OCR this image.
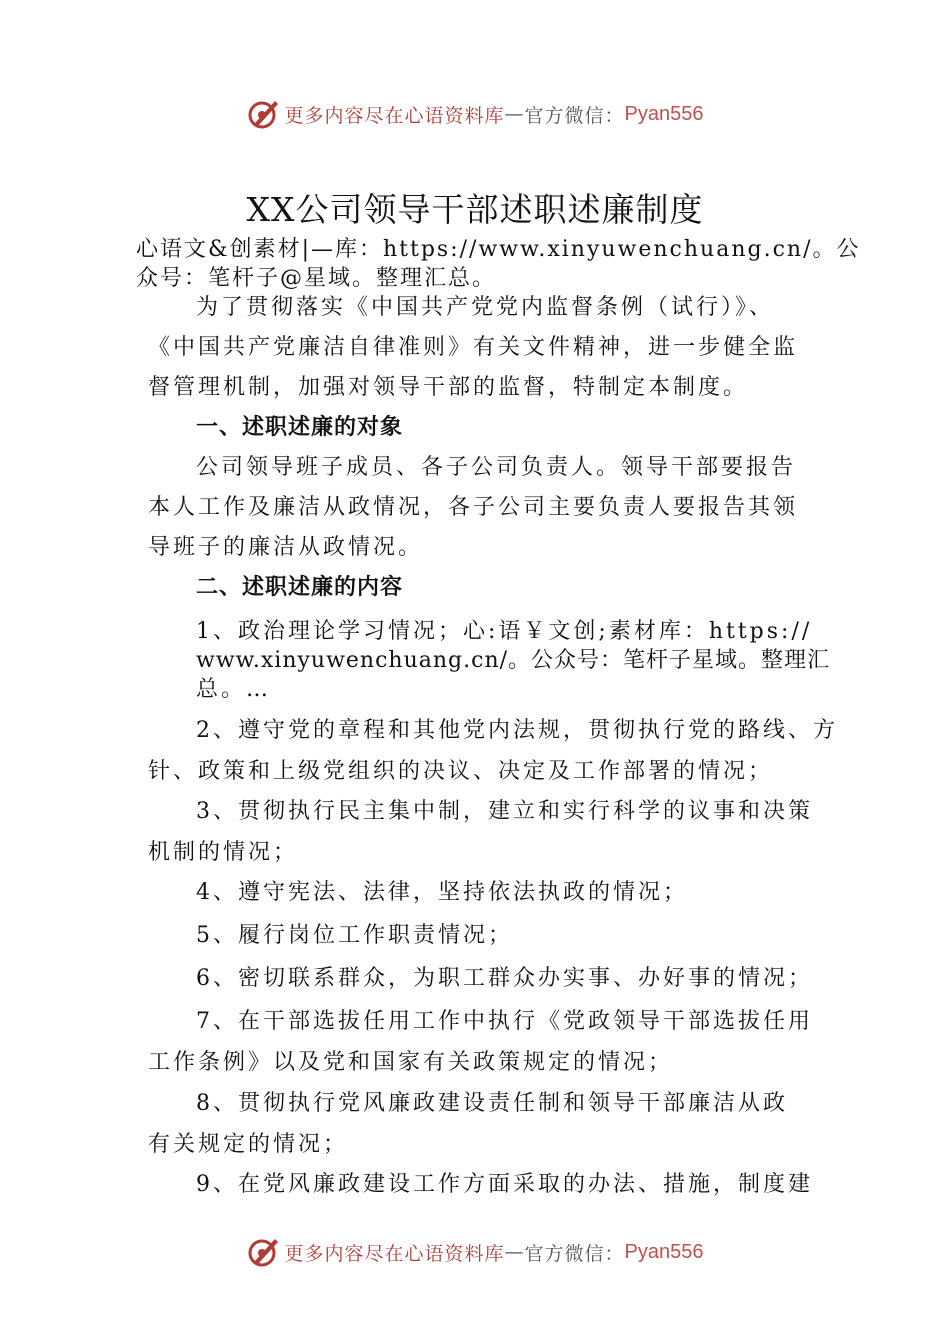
更多内容尽在心语资料库 — 官方微信： Pyan556
XX公司领导干部述职述廉制度
心语文&创素材|—库：https://www.xinyuwenchuang.cn/。公
众号：笔杆子@星域。整理汇总。
为了贯彻落实《中国共产党党内监督条例（试行）》、
《中国共产党廉洁自律准则》有关文件精神，进一步健全监
督管理机制，加强对领导干部的监督，特制定本制度。
一、述职述廉的对象
公司领导班子成员、各子公司负责人。领导干部要报告
本人工作及廉洁从政情况，各子公司主要负责人要报告其领
导班子的廉洁从政情况。
二、述职述廉的内容
1、政治理论学习情况；心:语￥文创;素材库：https://
www.xinyuwenchuang.cn/。公众号：笔杆子星域。整理汇
总。…
2、遵守党的章程和其他党内法规，贯彻执行党的路线、方
针、政策和上级党组织的决议、决定及工作部署的情况；
3、贯彻执行民主集中制，建立和实行科学的议事和决策
机制的情况；
4、遵守宪法、法律，坚持依法执政的情况；
5、履行岗位工作职责情况；
6、密切联系群众，为职工群众办实事、办好事的情况；
7、在干部选拔任用工作中执行《党政领导干部选拔任用
工作条例》以及党和国家有关政策规定的情况；
8、贯彻执行党风廉政建设责任制和领导干部廉洁从政
有关规定的情况；
9、在党风廉政建设工作方面采取的办法、措施，制度建
更多内容尽在心语资料库 — 官方微信： Pyan556
